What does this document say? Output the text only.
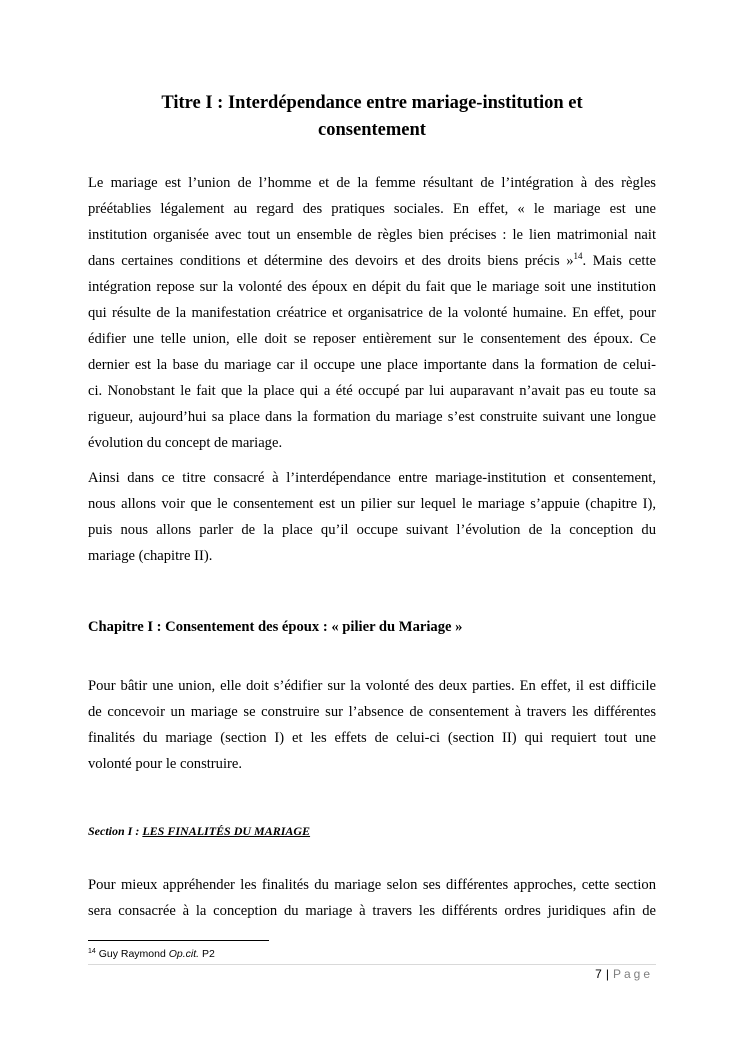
Titre I : Interdépendance entre mariage-institution et
consentement
Le mariage est l’union de l’homme et de la femme résultant de l’intégration à des règles
préétablies légalement au regard des pratiques sociales. En effet, « le mariage est une
institution organisée avec tout un ensemble de règles bien précises : le lien matrimonial nait
dans certaines conditions et détermine des devoirs et des droits biens précis »$^{14}$. Mais cette
intégration repose sur la volonté des époux en dépit du fait que le mariage soit une institution
qui résulte de la manifestation créatrice et organisatrice de la volonté humaine. En effet, pour
édifier une telle union, elle doit se reposer entièrement sur le consentement des époux. Ce
dernier est la base du mariage car il occupe une place importante dans la formation de celui-
ci. Nonobstant le fait que la place qui a été occupé par lui auparavant n’avait pas eu toute sa
rigueur, aujourd’hui sa place dans la formation du mariage s’est construite suivant une longue
évolution du concept de mariage.
Ainsi dans ce titre consacré à l’interdépendance entre mariage-institution et consentement,
nous allons voir que le consentement est un pilier sur lequel le mariage s’appuie (chapitre I),
puis nous allons parler de la place qu’il occupe suivant l’évolution de la conception du
mariage (chapitre II).
Chapitre I : Consentement des époux : « pilier du Mariage »
Pour bâtir une union, elle doit s’édifier sur la volonté des deux parties. En effet, il est difficile
de concevoir un mariage se construire sur l’absence de consentement à travers les différentes
finalités du mariage (section I) et les effets de celui-ci (section II) qui requiert tout une
volonté pour le construire.
Section I : LES FINALITÉS DU MARIAGE
Pour mieux appréhender les finalités du mariage selon ses différentes approches, cette section
sera consacrée à la conception du mariage à travers les différents ordres juridiques afin de
$^{14}$ Guy Raymond Op.cit. P2
7 | Page
